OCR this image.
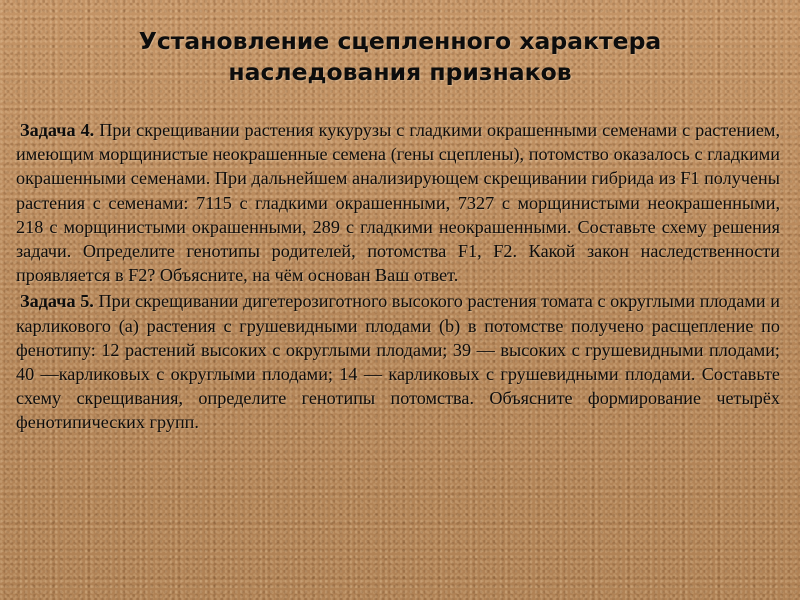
Установление сцепленного характера
наследования признаков

Задача 4. При скрещивании растения кукурузы с гладкими окрашенными семенами с растением, имеющим морщинистые неокрашенные семена (гены сцеплены), потомство оказалось с гладкими окрашенными семенами. При дальнейшем анализирующем скрещивании гибрида из F1 получены растения с семенами: 7115 с гладкими окрашенными, 7327 с морщинистыми неокрашенными, 218 с морщинистыми окрашенными, 289 с гладкими неокрашенными. Составьте схему решения задачи. Определите генотипы родителей, потомства F1, F2. Какой закон наследственности проявляется в F2? Объясните, на чём основан Ваш ответ.

Задача 5. При скрещивании дигетерозиготного высокого растения томата с округлыми плодами и карликового (a) растения с грушевидными плодами (b) в потомстве получено расщепление по фенотипу: 12 растений высоких с округлыми плодами; 39 — высоких с грушевидными плодами; 40 —карликовых с округлыми плодами; 14 — карликовых с грушевидными плодами. Составьте схему скрещивания, определите генотипы потомства. Объясните формирование четырёх фенотипических групп.
